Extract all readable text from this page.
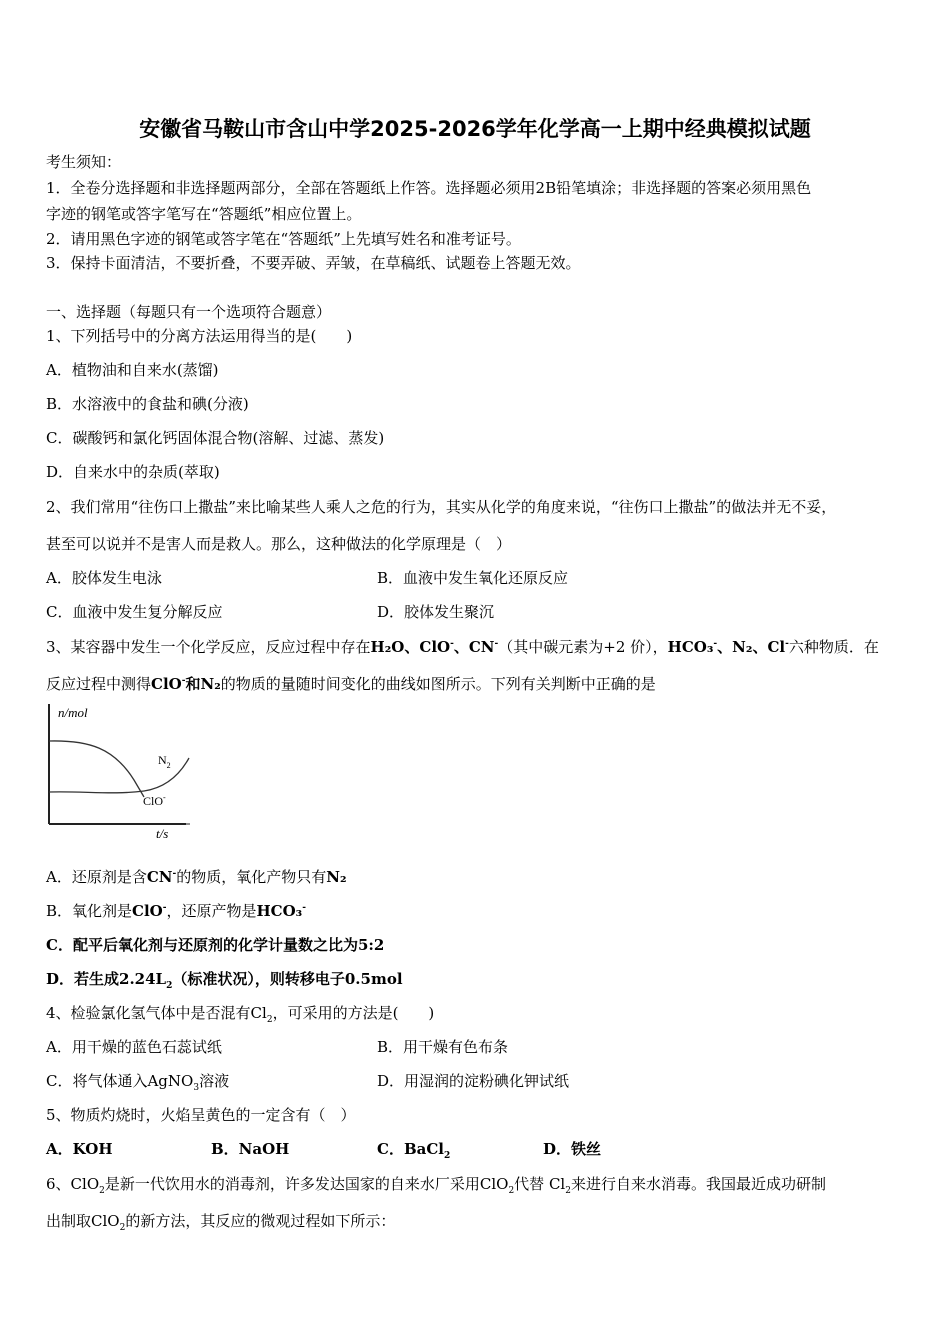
安徽省马鞍山市含山中学2025-2026学年化学高一上期中经典模拟试题
考生须知：
1．全卷分选择题和非选择题两部分，全部在答题纸上作答。选择题必须用2B铅笔填涂；非选择题的答案必须用黑色
字迹的钢笔或答字笔写在“答题纸”相应位置上。
2．请用黑色字迹的钢笔或答字笔在“答题纸”上先填写姓名和准考证号。
3．保持卡面清洁，不要折叠，不要弄破、弄皱，在草稿纸、试题卷上答题无效。
一、选择题（每题只有一个选项符合题意）
1、下列括号中的分离方法运用得当的是(　　)
A．植物油和自来水(蒸馏)
B．水溶液中的食盐和碘(分液)
C．碳酸钙和氯化钙固体混合物(溶解、过滤、蒸发)
D．自来水中的杂质(萃取)
2、我们常用“往伤口上撒盐”来比喻某些人乘人之危的行为，其实从化学的角度来说，“往伤口上撒盐”的做法并无不妥，
甚至可以说并不是害人而是救人。那么，这种做法的化学原理是（　）
A．胶体发生电泳	B．血液中发生氧化还原反应
C．血液中发生复分解反应	D．胶体发生聚沉
3、某容器中发生一个化学反应，反应过程中存在H₂O、ClO-、CN-（其中碳元素为+2 价），HCO₃-、N₂、Cl-六种物质．在
反应过程中测得ClO-和N₂的物质的量随时间变化的曲线如图所示。下列有关判断中正确的是
n/mol
$N_2$
ClO-
t/s
A．还原剂是含CN-的物质，氧化产物只有N₂
B．氧化剂是ClO-，还原产物是HCO₃-
C．配平后氧化剂与还原剂的化学计量数之比为5:2
D．若生成$2.24L_2$（标准状况），则转移电子0.5mol
4、检验氯化氢气体中是否混有$Cl_2$，可采用的方法是(　　)
A．用干燥的蓝色石蕊试纸	B．用干燥有色布条
C．将气体通入AgNO$_3$溶液	D．用湿润的淀粉碘化钾试纸
5、物质灼烧时，火焰呈黄色的一定含有（　）
A．KOH	B．NaOH	C．BaCl$_2$	D．铁丝
6、ClO$_2$是新一代饮用水的消毒剂，许多发达国家的自来水厂采用ClO$_2$代替 $Cl_2$来进行自来水消毒。我国最近成功研制
出制取ClO$_2$的新方法，其反应的微观过程如下所示：
